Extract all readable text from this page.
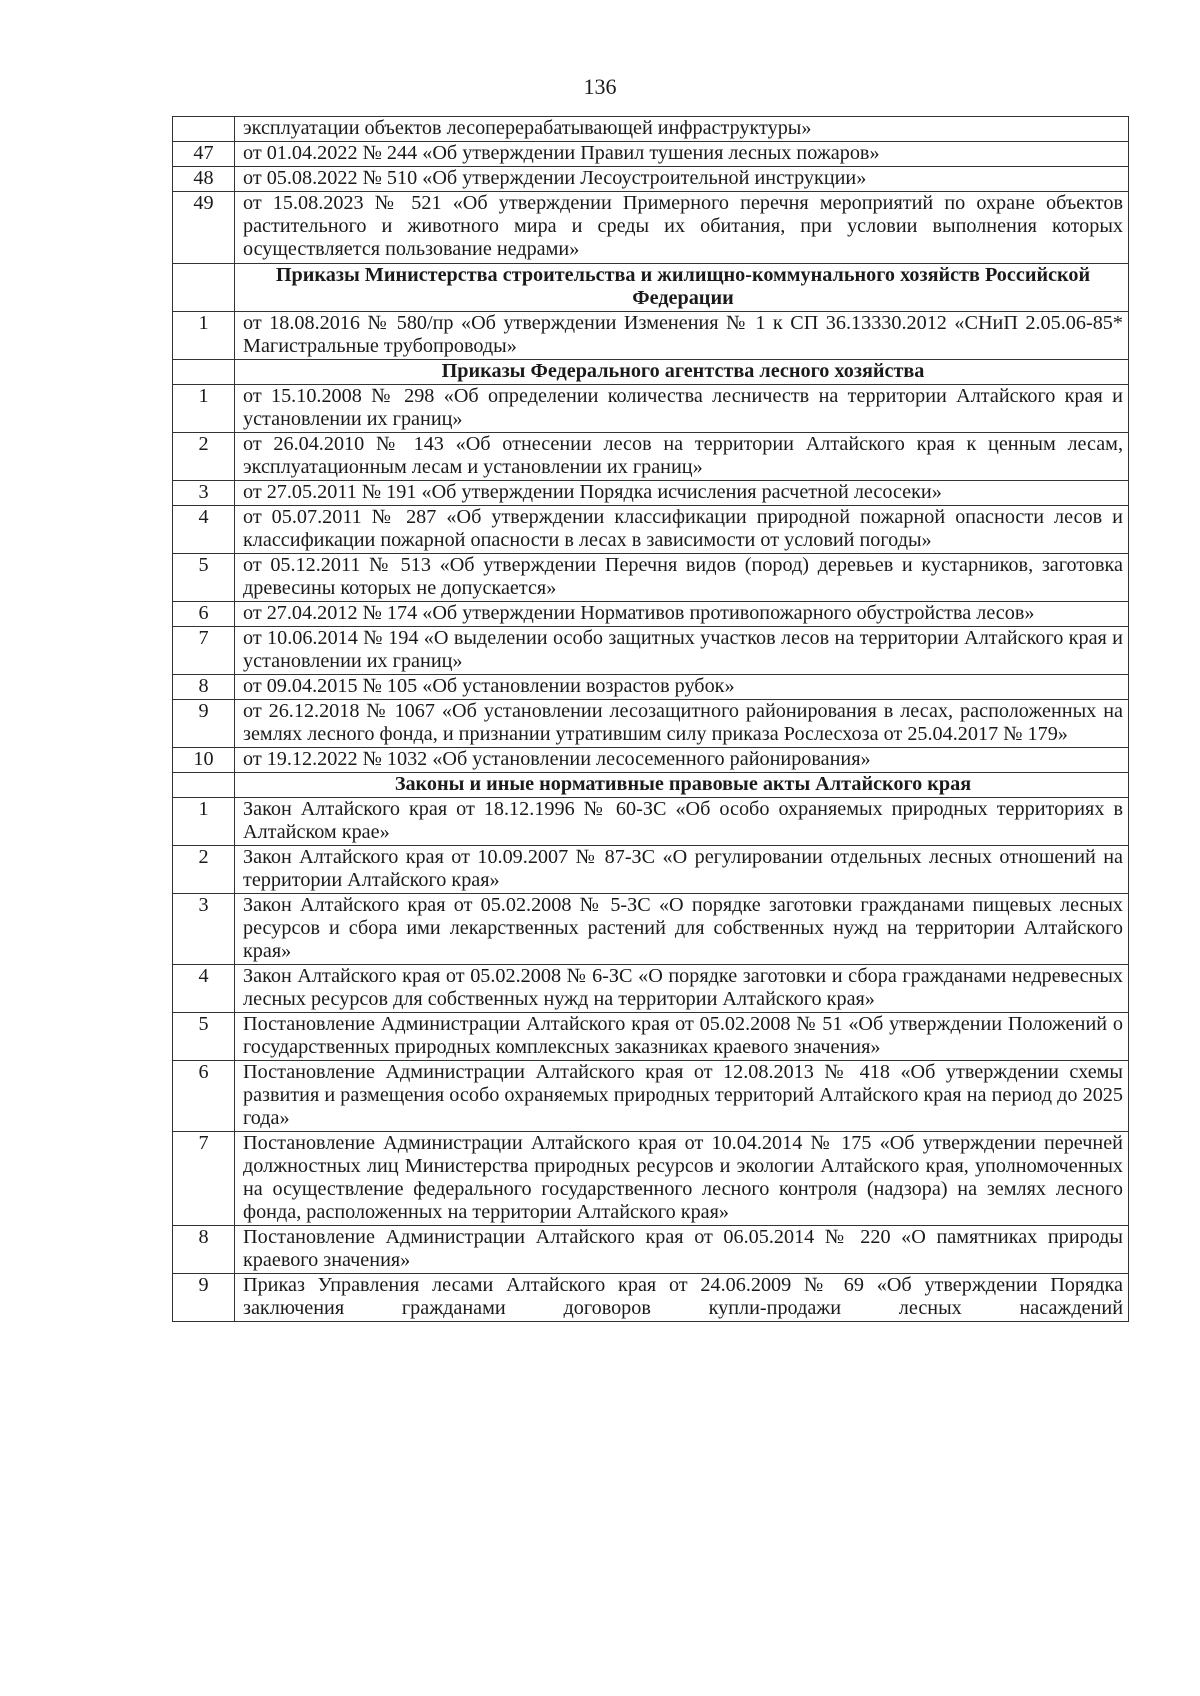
136
	эксплуатации объектов лесоперерабатывающей инфраструктуры»
47	от 01.04.2022 № 244 «Об утверждении Правил тушения лесных пожаров»
48	от 05.08.2022 № 510 «Об утверждении Лесоустроительной инструкции»
49	от 15.08.2023 № 521 «Об утверждении Примерного перечня мероприятий по охране объектов растительного и животного мира и среды их обитания, при условии выполнения которых осуществляется пользование недрами»
	Приказы Министерства строительства и жилищно-коммунального хозяйств Российской Федерации
1	от 18.08.2016 № 580/пр «Об утверждении Изменения № 1 к СП 36.13330.2012 «СНиП 2.05.06-85* Магистральные трубопроводы»
	Приказы Федерального агентства лесного хозяйства
1	от 15.10.2008 № 298 «Об определении количества лесничеств на территории Алтайского края и установлении их границ»
2	от 26.04.2010 № 143 «Об отнесении лесов на территории Алтайского края к ценным лесам, эксплуатационным лесам и установлении их границ»
3	от 27.05.2011 № 191 «Об утверждении Порядка исчисления расчетной лесосеки»
4	от 05.07.2011 № 287 «Об утверждении классификации природной пожарной опасности лесов и классификации пожарной опасности в лесах в зависимости от условий погоды»
5	от 05.12.2011 № 513 «Об утверждении Перечня видов (пород) деревьев и кустарников, заготовка древесины которых не допускается»
6	от 27.04.2012 № 174 «Об утверждении Нормативов противопожарного обустройства лесов»
7	от 10.06.2014 № 194 «О выделении особо защитных участков лесов на территории Алтайского края и установлении их границ»
8	от 09.04.2015 № 105 «Об установлении возрастов рубок»
9	от 26.12.2018 № 1067 «Об установлении лесозащитного районирования в лесах, расположенных на землях лесного фонда, и признании утратившим силу приказа Рослесхоза от 25.04.2017 № 179»
10	от 19.12.2022 № 1032 «Об установлении лесосеменного районирования»
	Законы и иные нормативные правовые акты Алтайского края
1	Закон Алтайского края от 18.12.1996 № 60-ЗС «Об особо охраняемых природных территориях в Алтайском крае»
2	Закон Алтайского края от 10.09.2007 № 87-ЗС «О регулировании отдельных лесных отношений на территории Алтайского края»
3	Закон Алтайского края от 05.02.2008 № 5-ЗС «О порядке заготовки гражданами пищевых лесных ресурсов и сбора ими лекарственных растений для собственных нужд на территории Алтайского края»
4	Закон Алтайского края от 05.02.2008 № 6-ЗС «О порядке заготовки и сбора гражданами недревесных лесных ресурсов для собственных нужд на территории Алтайского края»
5	Постановление Администрации Алтайского края от 05.02.2008 № 51 «Об утверждении Положений о государственных природных комплексных заказниках краевого значения»
6	Постановление Администрации Алтайского края от 12.08.2013 № 418 «Об утверждении схемы развития и размещения особо охраняемых природных территорий Алтайского края на период до 2025 года»
7	Постановление Администрации Алтайского края от 10.04.2014 № 175 «Об утверждении перечней должностных лиц Министерства природных ресурсов и экологии Алтайского края, уполномоченных на осуществление федерального государственного лесного контроля (надзора) на землях лесного фонда, расположенных на территории Алтайского края»
8	Постановление Администрации Алтайского края от 06.05.2014 № 220 «О памятниках природы краевого значения»
9	Приказ Управления лесами Алтайского края от 24.06.2009 № 69 «Об утверждении Порядка заключения гражданами договоров купли-продажи лесных насаждений
